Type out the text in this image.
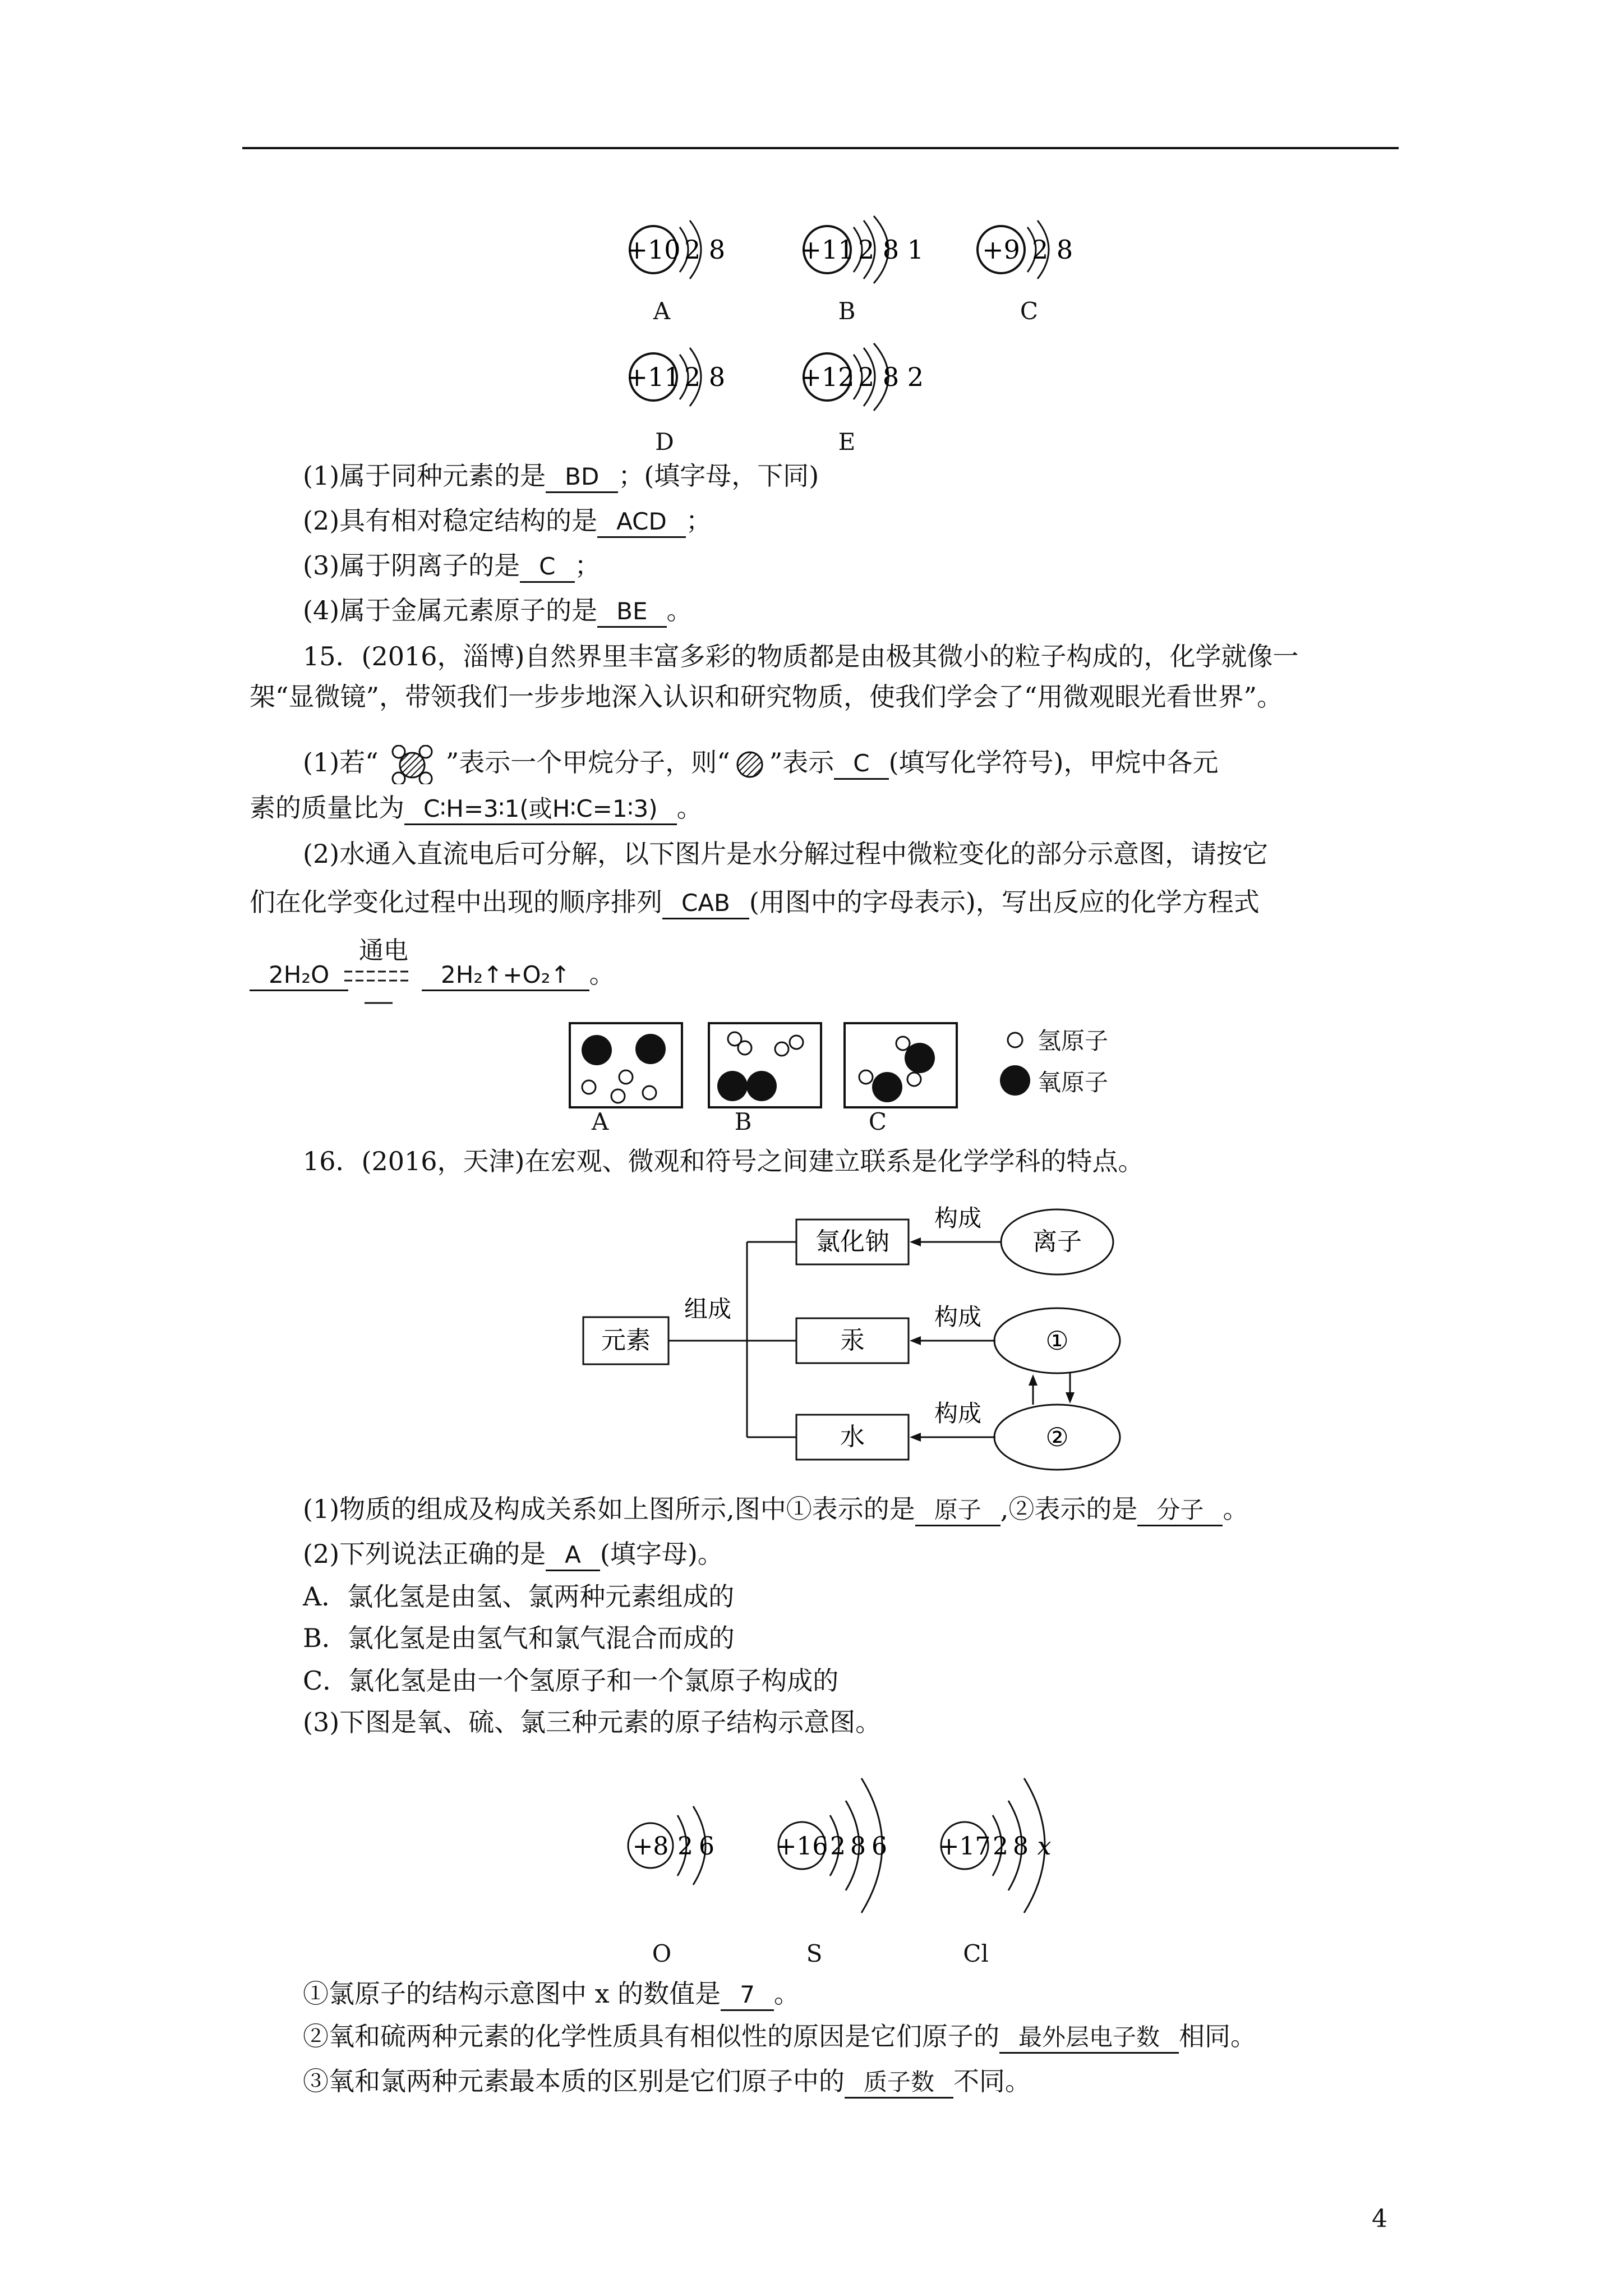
+10 2 8
A
+11 2 8 1
B
+9 2 8
C
+11 2 8
D
+12 2 8 2
E
(1)属于同种元素的是 BD ；(填字母，下同)
(2)具有相对稳定结构的是 ACD ；
(3)属于阴离子的是 C ；
(4)属于金属元素原子的是 BE 。
15．(2016，淄博)自然界里丰富多彩的物质都是由极其微小的粒子构成的，化学就像一
架“显微镜”，带领我们一步步地深入认识和研究物质，使我们学会了“用微观眼光看世界”。
(1)若“	”表示一个甲烷分子，则“ ”表示 C (填写化学符号)，甲烷中各元
素的质量比为 C∶H=3∶1(或H∶C=1∶3) 。
(2)水通入直流电后可分解，以下图片是水分解过程中微粒变化的部分示意图，请按它
们在化学变化过程中出现的顺序排列 CAB (用图中的字母表示)，写出反应的化学方程式
2H₂O
通电
2H₂↑+O₂↑ 。
氢原子
氧原子
A	B	C
16．(2016，天津)在宏观、微观和符号之间建立联系是化学学科的特点。
元素
组成
氯化钠
汞
水
构成
构成
构成
离子
①
②
(1)物质的组成及构成关系如上图所示,图中①表示的是 原子 ,②表示的是 分子 。
(2)下列说法正确的是 A (填字母)。
A．氯化氢是由氢、氯两种元素组成的
B．氯化氢是由氢气和氯气混合而成的
C．氯化氢是由一个氢原子和一个氯原子构成的
(3)下图是氧、硫、氯三种元素的原子结构示意图。
+8 2 6 +16 2 8 6 +17 2 8 x
O	S	Cl
①氯原子的结构示意图中 x 的数值是 7 。
②氧和硫两种元素的化学性质具有相似性的原因是它们原子的 最外层电子数 相同。
③氧和氯两种元素最本质的区别是它们原子中的 质子数 不同。
4
